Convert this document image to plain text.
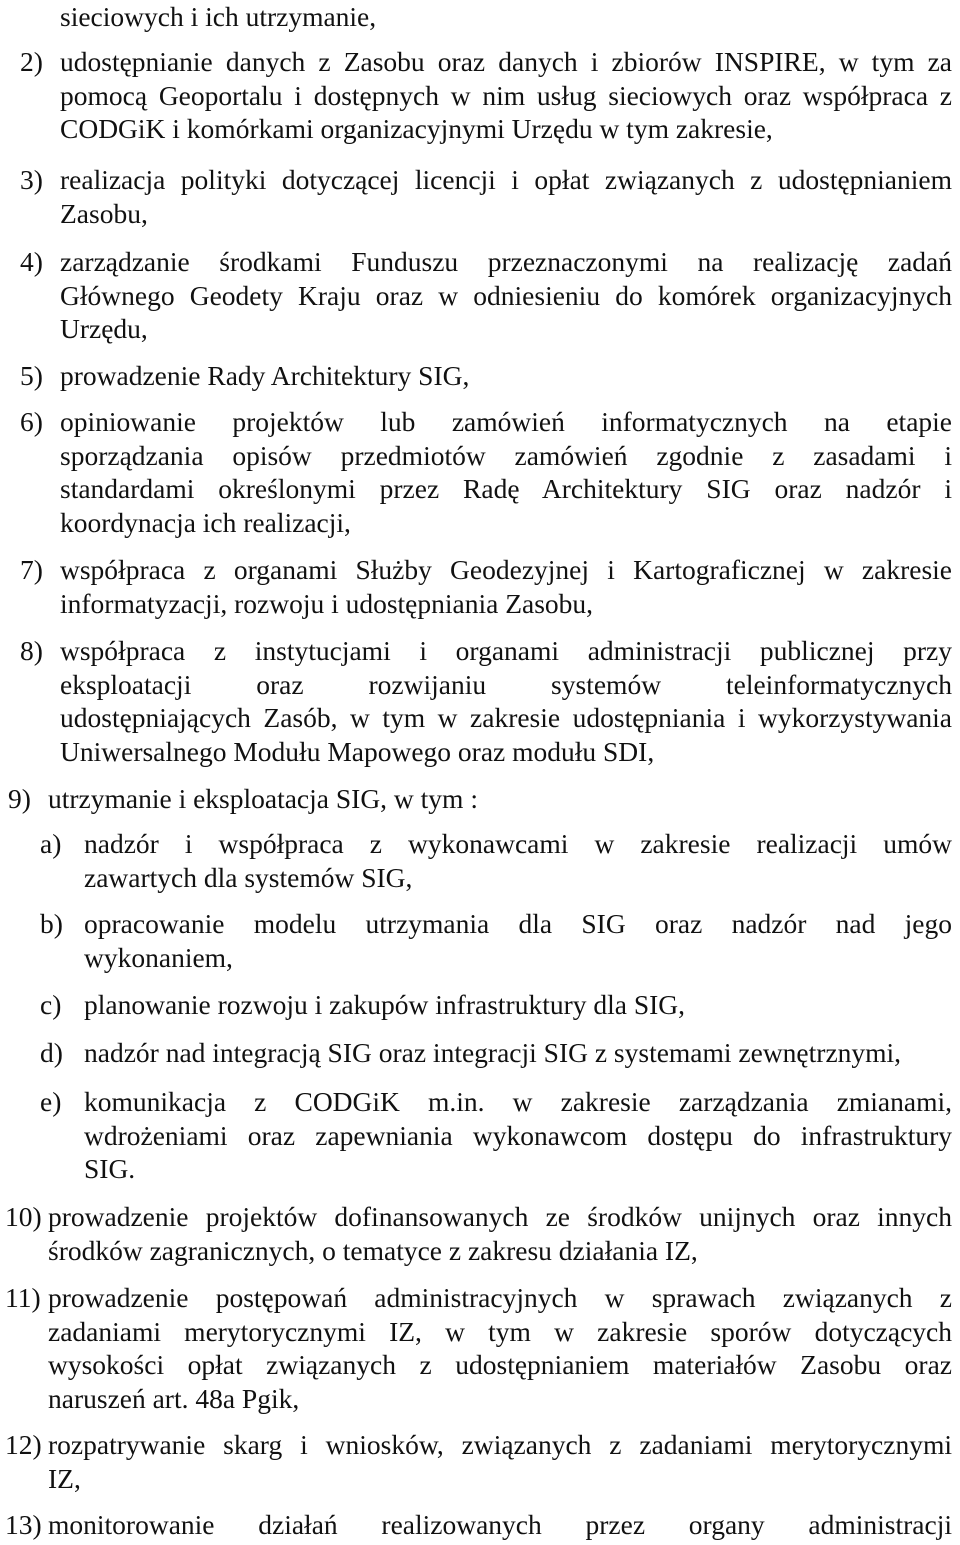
sieciowych i ich utrzymanie,
2) udostępnianie danych z Zasobu oraz danych i zbiorów INSPIRE, w tym za
pomocą Geoportalu i dostępnych w nim usług sieciowych oraz współpraca z
CODGiK i komórkami organizacyjnymi Urzędu w tym zakresie,
3) realizacja polityki dotyczącej licencji i opłat związanych z udostępnianiem
Zasobu,
4) zarządzanie środkami Funduszu przeznaczonymi na realizację zadań
Głównego Geodety Kraju oraz w odniesieniu do komórek organizacyjnych
Urzędu,
5) prowadzenie Rady Architektury SIG,
6) opiniowanie projektów lub zamówień informatycznych na etapie
sporządzania opisów przedmiotów zamówień zgodnie z zasadami i
standardami określonymi przez Radę Architektury SIG oraz nadzór i
koordynacja ich realizacji,
7) współpraca z organami Służby Geodezyjnej i Kartograficznej w zakresie
informatyzacji, rozwoju i udostępniania Zasobu,
8) współpraca z instytucjami i organami administracji publicznej przy
eksploatacji oraz rozwijaniu systemów teleinformatycznych
udostępniających Zasób, w tym w zakresie udostępniania i wykorzystywania
Uniwersalnego Modułu Mapowego oraz modułu SDI,
9) utrzymanie i eksploatacja SIG, w tym :
a) nadzór i współpraca z wykonawcami w zakresie realizacji umów
zawartych dla systemów SIG,
b) opracowanie modelu utrzymania dla SIG oraz nadzór nad jego
wykonaniem,
c) planowanie rozwoju i zakupów infrastruktury dla SIG,
d) nadzór nad integracją SIG oraz integracji SIG z systemami zewnętrznymi,
e) komunikacja z CODGiK m.in. w zakresie zarządzania zmianami,
wdrożeniami oraz zapewniania wykonawcom dostępu do infrastruktury
SIG.
10) prowadzenie projektów dofinansowanych ze środków unijnych oraz innych
środków zagranicznych, o tematyce z zakresu działania IZ,
11) prowadzenie postępowań administracyjnych w sprawach związanych z
zadaniami merytorycznymi IZ, w tym w zakresie sporów dotyczących
wysokości opłat związanych z udostępnianiem materiałów Zasobu oraz
naruszeń art. 48a Pgik,
12) rozpatrywanie skarg i wniosków, związanych z zadaniami merytorycznymi
IZ,
13) monitorowanie działań realizowanych przez organy administracji
